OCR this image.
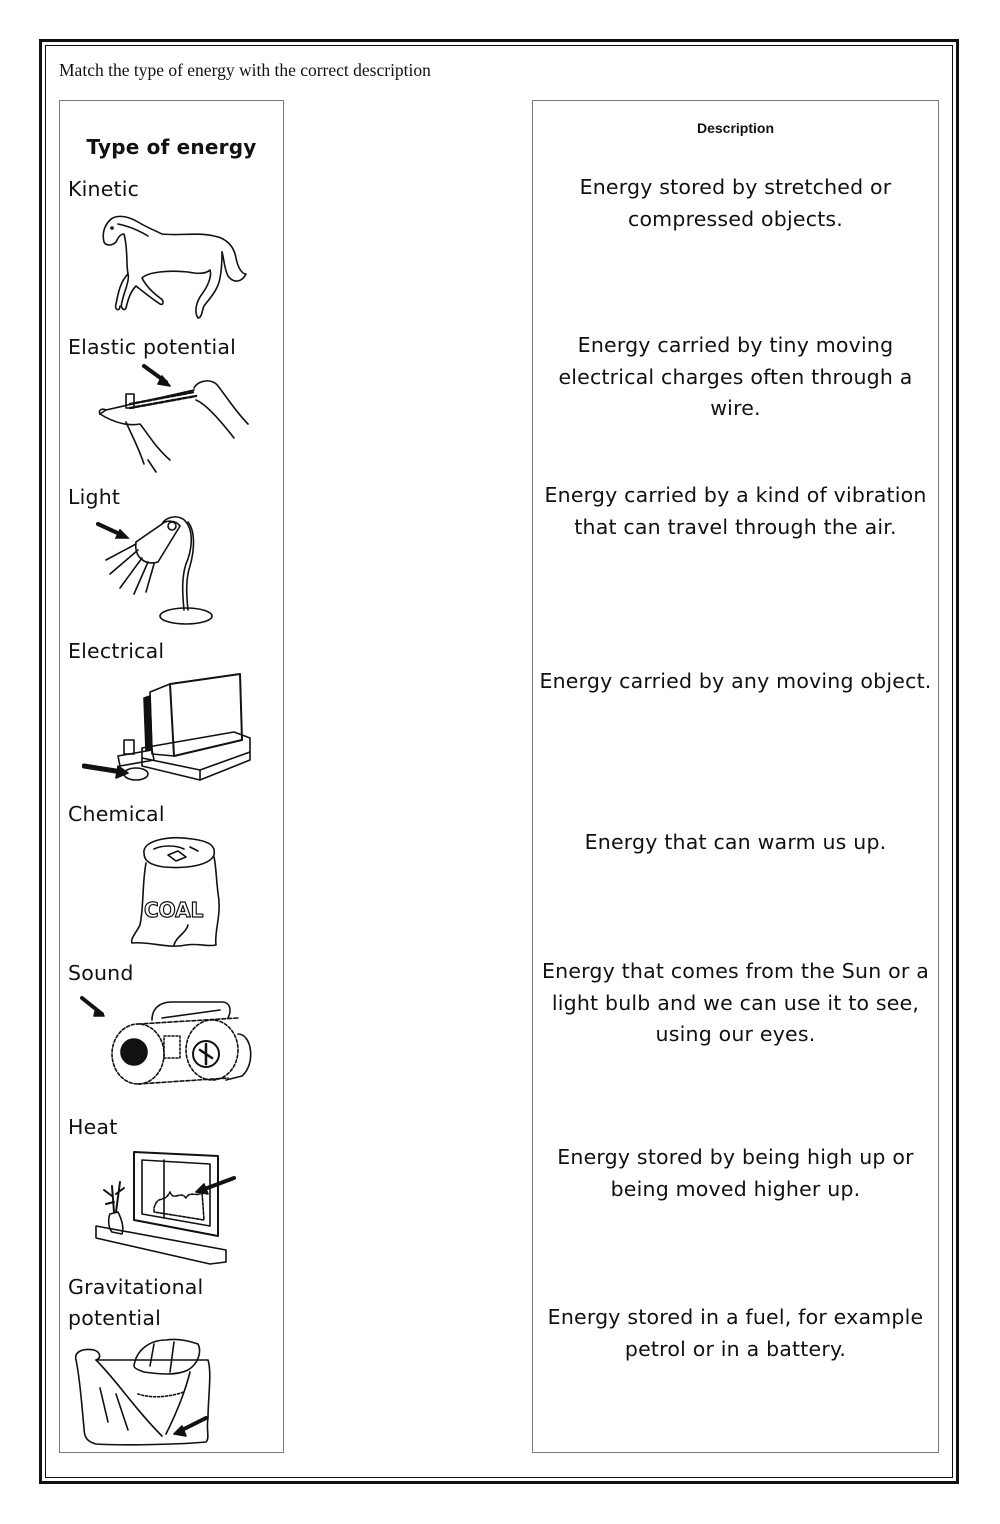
Match the type of energy with the correct description
Type of energy
Kinetic
Elastic potential
Light
Electrical
Chemical
COAL
Sound
Heat
Gravitational potential
Description
Energy stored by stretched or compressed objects.
Energy carried by tiny moving electrical charges often through a wire.
Energy carried by a kind of vibration that can travel through the air.
Energy carried by any moving object.
Energy that can warm us up.
Energy that comes from the Sun or a light bulb and we can use it to see, using our eyes.
Energy stored by being high up or being moved higher up.
Energy stored in a fuel, for example petrol or in a battery.
